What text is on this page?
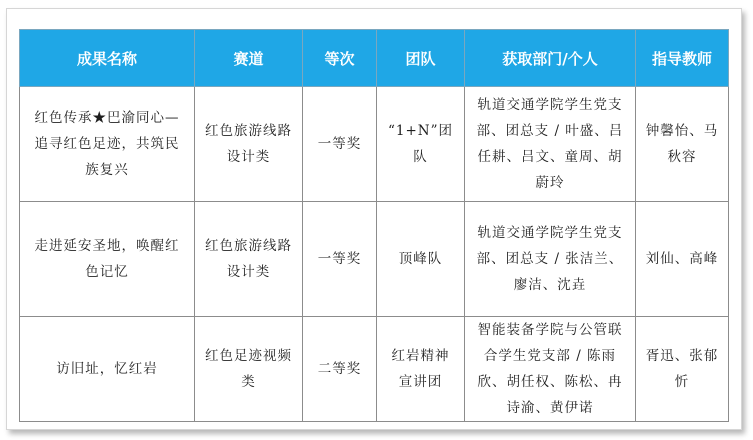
成果名称	赛道	等次	团队	获取部门/个人	指导教师
红色传承★巴渝同心—追寻红色足迹，共筑民族复兴	红色旅游线路设计类	一等奖	“1+N”团队	轨道交通学院学生党支部、团总支 / 叶盛、吕任耕、吕文、童周、胡蔚玲	钟馨怡、马秋容
走进延安圣地，唤醒红色记忆	红色旅游线路设计类	一等奖	顶峰队	轨道交通学院学生党支部、团总支 / 张洁兰、廖洁、沈垚	刘仙、高峰
访旧址，忆红岩	红色足迹视频类	二等奖	红岩精神宣讲团	智能装备学院与公管联合学生党支部 / 陈雨欣、胡任权、陈松、冉诗渝、黄伊诺	胥迅、张郁忻
